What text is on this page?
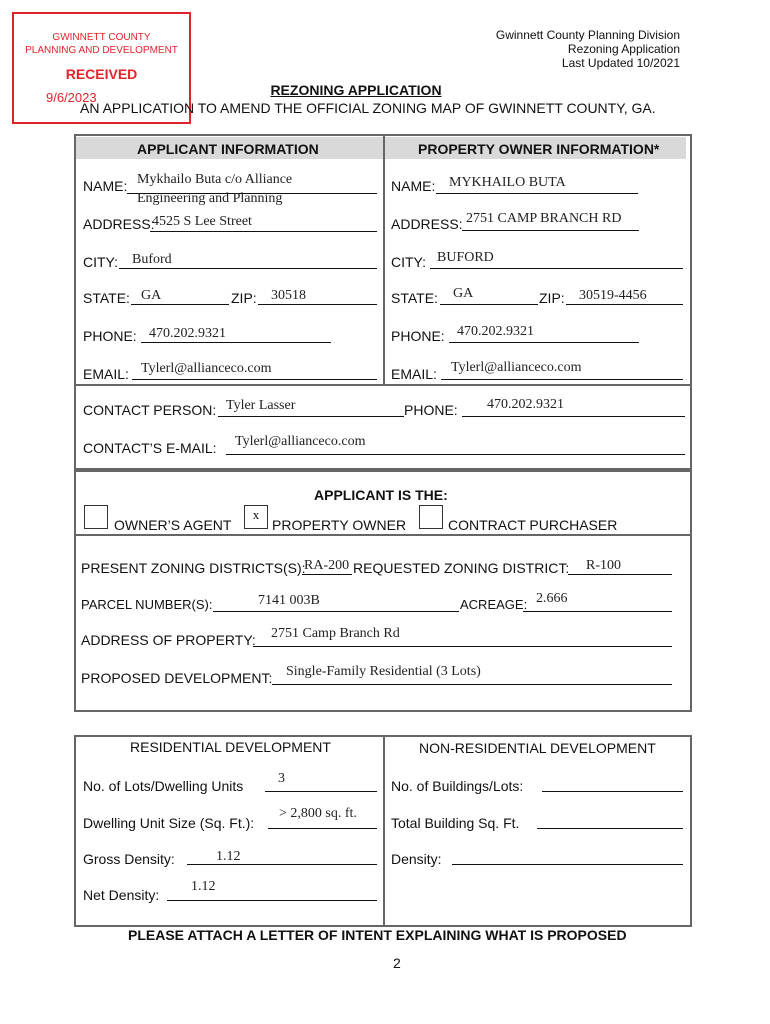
GWINNETT COUNTY
PLANNING AND DEVELOPMENT
RECEIVED
9/6/2023
Gwinnett County Planning Division
Rezoning Application
Last Updated 10/2021
REZONING APPLICATION
AN APPLICATION TO AMEND THE OFFICIAL ZONING MAP OF GWINNETT COUNTY, GA.
APPLICANT INFORMATION	PROPERTY OWNER INFORMATION*
NAME: Mykhailo Buta c/o Alliance
Engineering and Planning
ADDRESS:
4525 S Lee Street
CITY: Buford
STATE: GA	ZIP: 30518
PHONE: 470.202.9321
EMAIL: Tylerl@allianceco.com
NAME: MYKHAILO BUTA
ADDRESS: 2751 CAMP BRANCH RD
CITY: BUFORD
STATE: GA	ZIP: 30519-4456
PHONE: 470.202.9321
EMAIL: Tylerl@allianceco.com
CONTACT PERSON: Tyler Lasser	PHONE: 470.202.9321
CONTACT’S E-MAIL: Tylerl@allianceco.com
APPLICANT IS THE:
OWNER’S AGENT
x
PROPERTY OWNER	CONTRACT PURCHASER
PRESENT ZONING DISTRICTS(S):
RA-200 REQUESTED ZONING DISTRICT: R-100
PARCEL NUMBER(S):	7141 003B	ACREAGE: 2.666
ADDRESS OF PROPERTY: 2751 Camp Branch Rd
PROPOSED DEVELOPMENT: Single-Family Residential (3 Lots)
RESIDENTIAL DEVELOPMENT	NON-RESIDENTIAL DEVELOPMENT
No. of Lots/Dwelling Units 3
Dwelling Unit Size (Sq. Ft.):
> 2,800 sq. ft.
Gross Density:	1.12
Net Density:
1.12
No. of Buildings/Lots:
Total Building Sq. Ft.
Density:
PLEASE ATTACH A LETTER OF INTENT EXPLAINING WHAT IS PROPOSED
2
